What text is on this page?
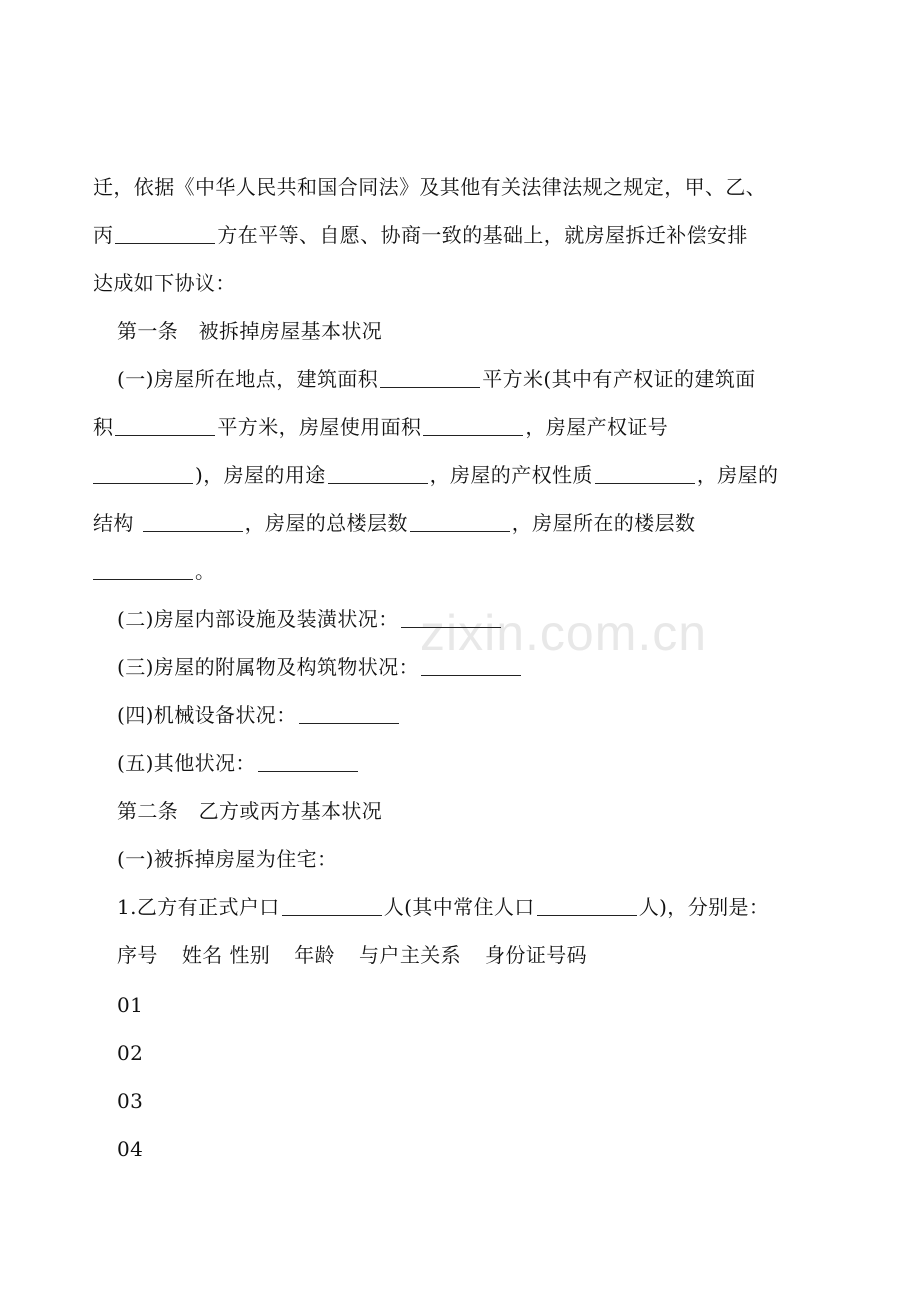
zixin.com.cn
迁，依据《中华人民共和国合同法》及其他有关法律法规之规定，甲、乙、
丙	方在平等、自愿、协商一致的基础上，就房屋拆迁补偿安排
达成如下协议：
第一条　被拆掉房屋基本状况
(一)房屋所在地点，建筑面积	平方米(其中有产权证的建筑面
积	平方米，房屋使用面积	，房屋产权证号
)，房屋的用途	，房屋的产权性质	，房屋的
结构	，房屋的总楼层数	，房屋所在的楼层数
。
(二)房屋内部设施及装潢状况：
(三)房屋的附属物及构筑物状况：
(四)机械设备状况：
(五)其他状况：
第二条　乙方或丙方基本状况
(一)被拆掉房屋为住宅：
1.乙方有正式户口	人(其中常住人口	人)，分别是：
序号 姓名 性别 年龄 与户主关系 身份证号码
01
02
03
04
